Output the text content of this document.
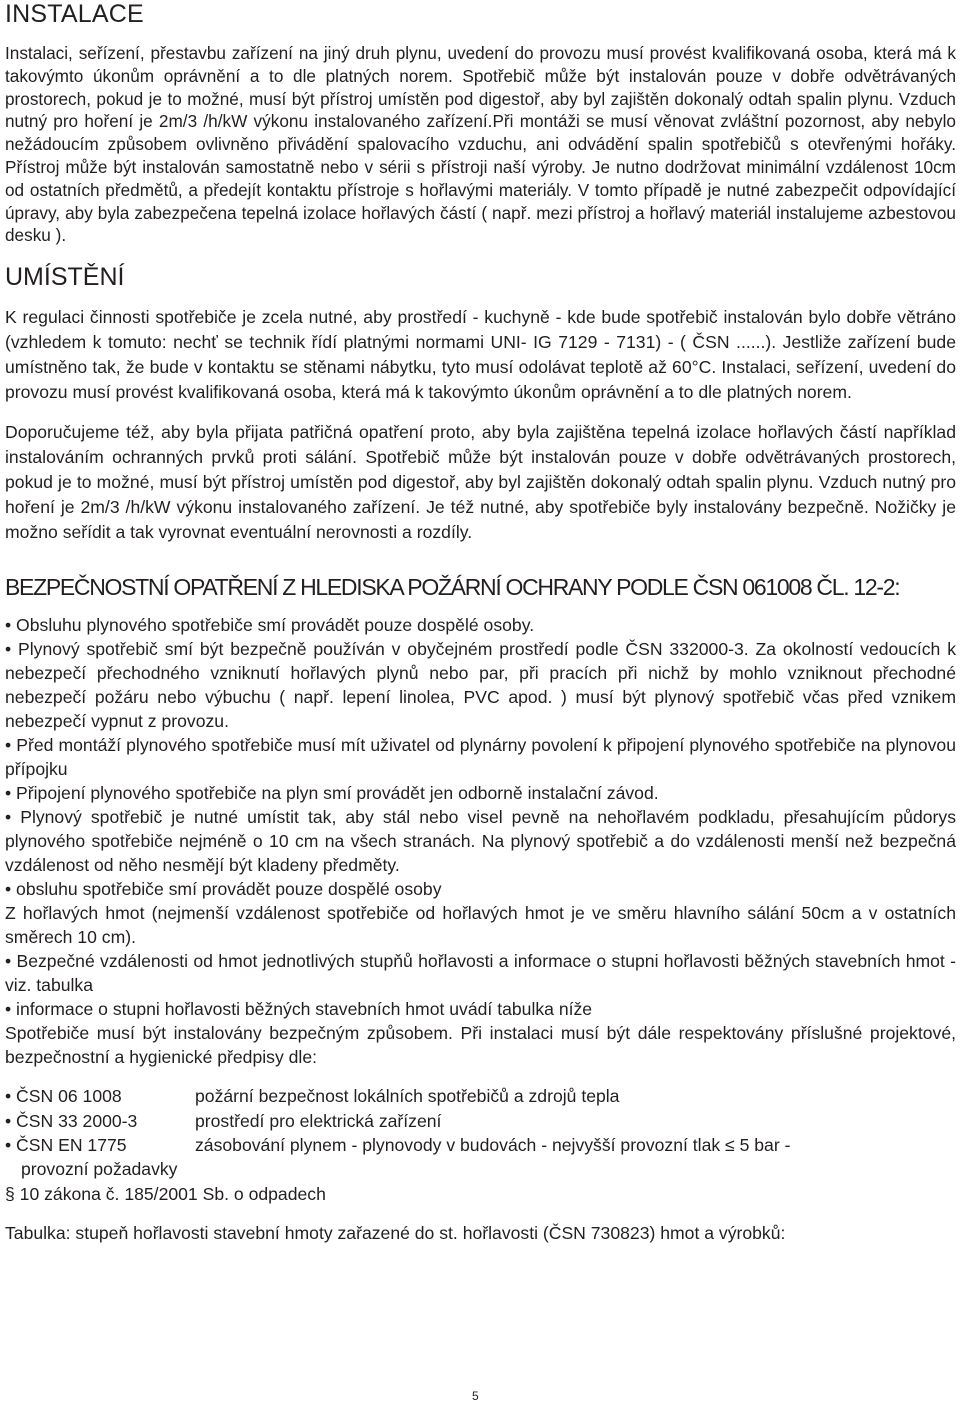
INSTALACE

Instalaci, seřízení, přestavbu zařízení na jiný druh plynu, uvedení do provozu musí provést kvalifikovaná osoba, která má k takovýmto úkonům oprávnění a to dle platných norem. Spotřebič může být instalován pouze v dobře odvětrávaných prostorech, pokud je to možné, musí být přístroj umístěn pod digestoř, aby byl zajištěn dokonalý odtah spalin plynu. Vzduch nutný pro hoření je 2m/3 /h/kW výkonu instalovaného zařízení.Při montáži se musí věnovat zvláštní pozornost, aby nebylo nežádoucím způsobem ovlivněno přivádění spalovacího vzduchu, ani odvádění spalin spotřebičů s otevřenými hořáky. Přístroj může být instalován samostatně nebo v sérii s přístroji naší výroby. Je nutno dodržovat minimální vzdálenost 10cm od ostatních předmětů, a předejít kontaktu přístroje s hořlavými materiály. V tomto případě je nutné zabezpečit odpovídající úpravy, aby byla zabezpečena tepelná izolace hořlavých částí ( např. mezi přístroj a hořlavý materiál instalujeme azbestovou desku ).

UMÍSTĚNÍ

K regulaci činnosti spotřebiče je zcela nutné, aby prostředí - kuchyně - kde bude spotřebič instalován bylo dobře větráno (vzhledem k tomuto: nechť se technik řídí platnými normami UNI- IG 7129 - 7131) - ( ČSN ......). Jestliže zařízení bude umístněno tak, že bude v kontaktu se stěnami nábytku, tyto musí odolávat teplotě až 60°C. Instalaci, seřízení, uvedení do provozu musí provést kvalifikovaná osoba, která má k takovýmto úkonům oprávnění a to dle platných norem.

Doporučujeme též, aby byla přijata patřičná opatření proto, aby byla zajištěna tepelná izolace hořlavých částí například instalováním ochranných prvků proti sálání. Spotřebič může být instalován pouze v dobře odvětrávaných prostorech, pokud je to možné, musí být přístroj umístěn pod digestoř, aby byl zajištěn dokonalý odtah spalin plynu. Vzduch nutný pro hoření je 2m/3 /h/kW výkonu instalovaného zařízení. Je též nutné, aby spotřebiče byly instalovány bezpečně. Nožičky je možno seřídit a tak vyrovnat eventuální nerovnosti a rozdíly.

BEZPEČNOSTNÍ OPATŘENÍ Z HLEDISKA POŽÁRNÍ OCHRANY PODLE ČSN 061008 ČL. 12-2:

• Obsluhu plynového spotřebiče smí provádět pouze dospělé osoby.

• Plynový spotřebič smí být bezpečně používán v obyčejném prostředí podle ČSN 332000-3. Za okolností vedoucích k nebezpečí přechodného vzniknutí hořlavých plynů nebo par, při pracích při nichž by mohlo vzniknout přechodné nebezpečí požáru nebo výbuchu ( např. lepení linolea, PVC apod. ) musí být plynový spotřebič včas před vznikem nebezpečí vypnut z provozu.

• Před montáží plynového spotřebiče musí mít uživatel od plynárny povolení k připojení plynového spotřebiče na plynovou přípojku

• Připojení plynového spotřebiče na plyn smí provádět jen odborně instalační závod.

• Plynový spotřebič je nutné umístit tak, aby stál nebo visel pevně na nehořlavém podkladu, přesahujícím půdorys plynového spotřebiče nejméně o 10 cm na všech stranách. Na plynový spotřebič a do vzdálenosti menší než bezpečná vzdálenost od něho nesmějí být kladeny předměty.

• obsluhu spotřebiče smí provádět pouze dospělé osoby

Z hořlavých hmot (nejmenší vzdálenost spotřebiče od hořlavých hmot je ve směru hlavního sálání 50cm a v ostatních směrech 10 cm).

• Bezpečné vzdálenosti od hmot jednotlivých stupňů hořlavosti a informace o stupni hořlavosti běžných stavebních hmot - viz. tabulka

• informace o stupni hořlavosti běžných stavebních hmot uvádí tabulka níže

Spotřebiče musí být instalovány bezpečným způsobem. Při instalaci musí být dále respektovány příslušné projektové, bezpečnostní a hygienické předpisy dle:

• ČSN 06 1008	požární bezpečnost lokálních spotřebičů a zdrojů tepla
• ČSN 33 2000-3	prostředí pro elektrická zařízení
• ČSN EN 1775	zásobování plynem - plynovody v budovách - nejvyšší provozní tlak ≤ 5 bar -
provozní požadavky
§ 10 zákona č. 185/2001 Sb. o odpadech
Tabulka: stupeň hořlavosti stavební hmoty zařazené do st. hořlavosti (ČSN 730823) hmot a výrobků:
5
